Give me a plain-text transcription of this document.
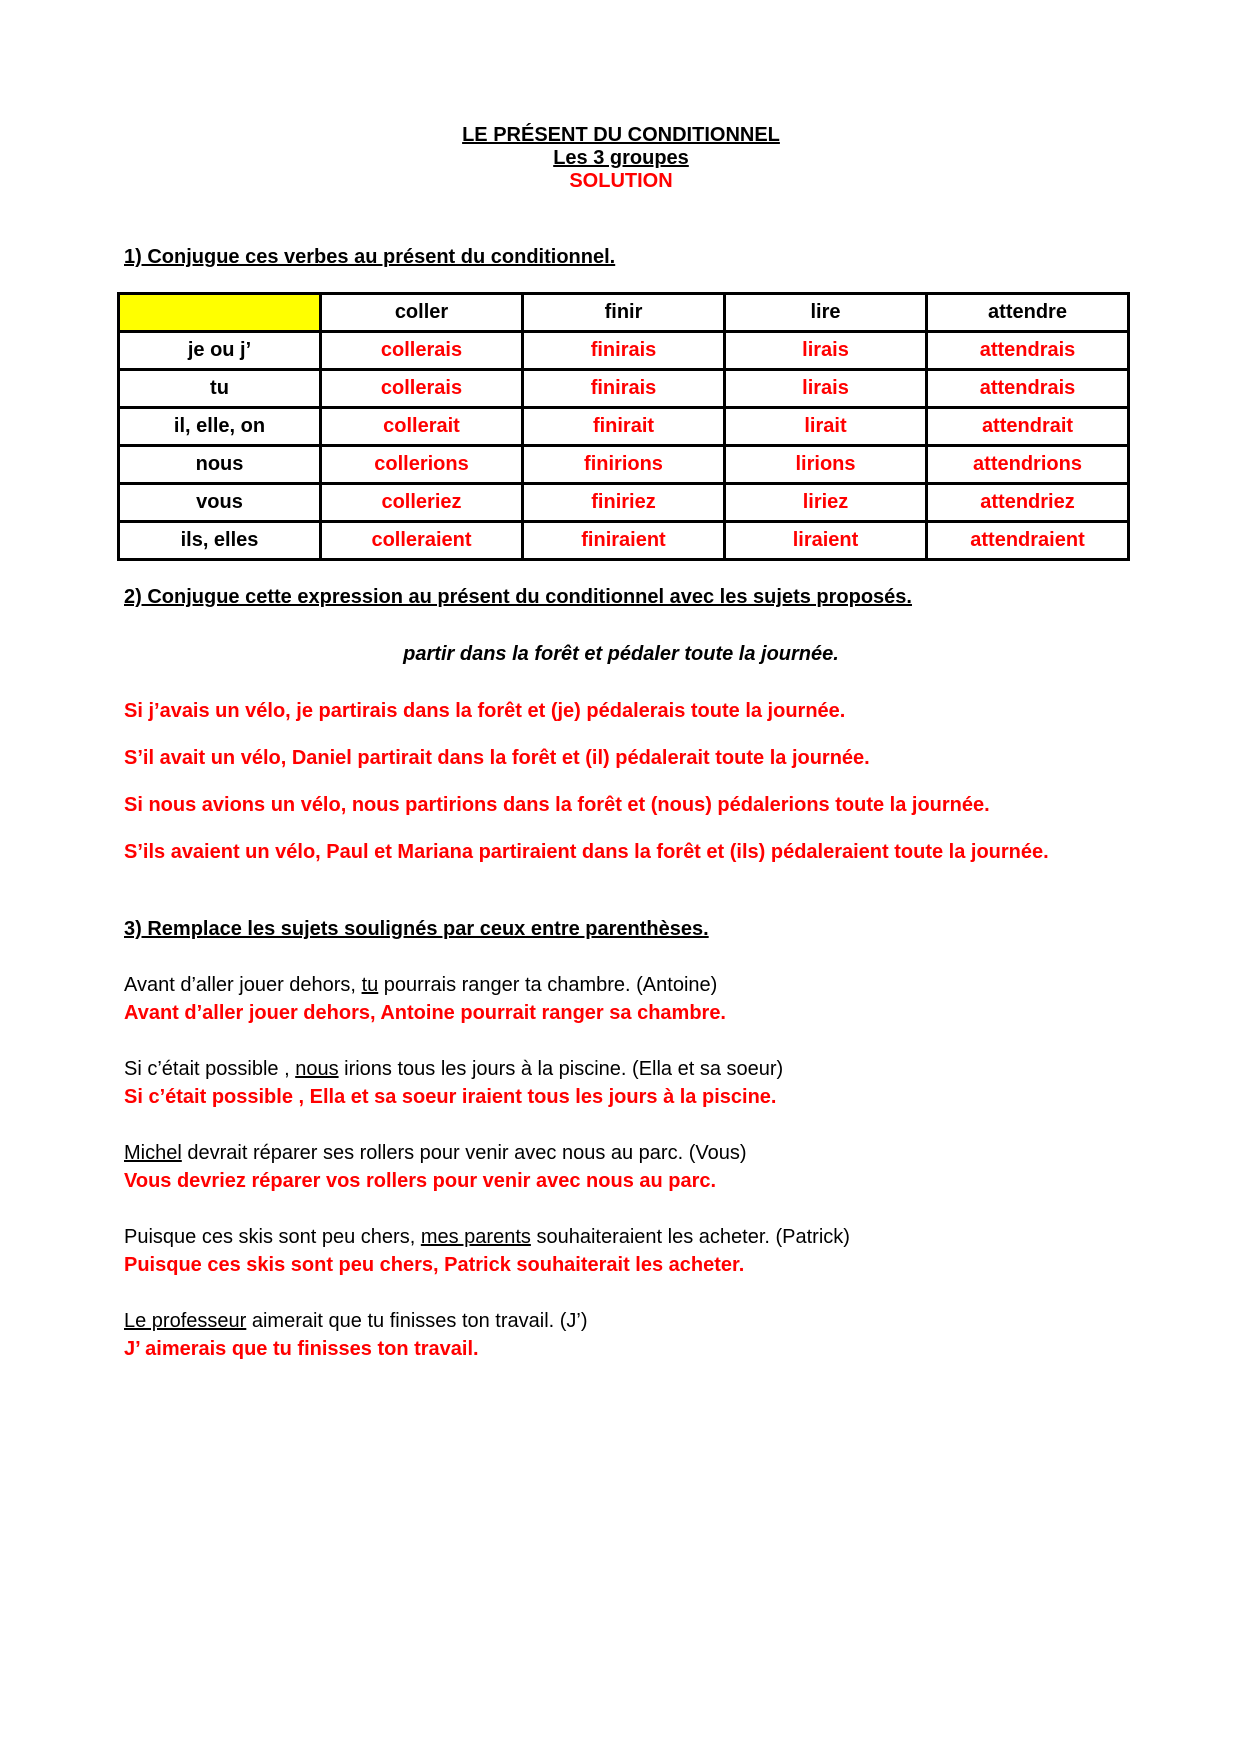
LE PRÉSENT DU CONDITIONNEL
Les 3 groupes
SOLUTION
1) Conjugue ces verbes au présent du conditionnel.
	coller	finir	lire	attendre
je ou j’	collerais	finirais	lirais	attendrais
tu	collerais	finirais	lirais	attendrais
il, elle, on	collerait	finirait	lirait	attendrait
nous	collerions	finirions	lirions	attendrions
vous	colleriez	finiriez	liriez	attendriez
ils, elles	colleraient	finiraient	liraient	attendraient
2) Conjugue cette expression au présent du conditionnel avec les sujets proposés.
partir dans la forêt et pédaler toute la journée.
Si j’avais un vélo, je partirais dans la forêt et (je) pédalerais toute la journée.
S’il avait un vélo, Daniel partirait dans la forêt et (il) pédalerait toute la journée.
Si nous avions un vélo, nous partirions dans la forêt et (nous) pédalerions toute la journée.
S’ils avaient un vélo, Paul et Mariana partiraient dans la forêt et (ils) pédaleraient toute la journée.
3) Remplace les sujets soulignés par ceux entre parenthèses.
Avant d’aller jouer dehors, tu pourrais ranger ta chambre. (Antoine)
Avant d’aller jouer dehors, Antoine pourrait ranger sa chambre.
Si c’était possible , nous irions tous les jours à la piscine. (Ella et sa soeur)
Si c’était possible , Ella et sa soeur iraient tous les jours à la piscine.
Michel devrait réparer ses rollers pour venir avec nous au parc. (Vous)
Vous devriez réparer vos rollers pour venir avec nous au parc.
Puisque ces skis sont peu chers, mes parents souhaiteraient les acheter. (Patrick)
Puisque ces skis sont peu chers, Patrick souhaiterait les acheter.
Le professeur aimerait que tu finisses ton travail. (J’)
J’ aimerais que tu finisses ton travail.
